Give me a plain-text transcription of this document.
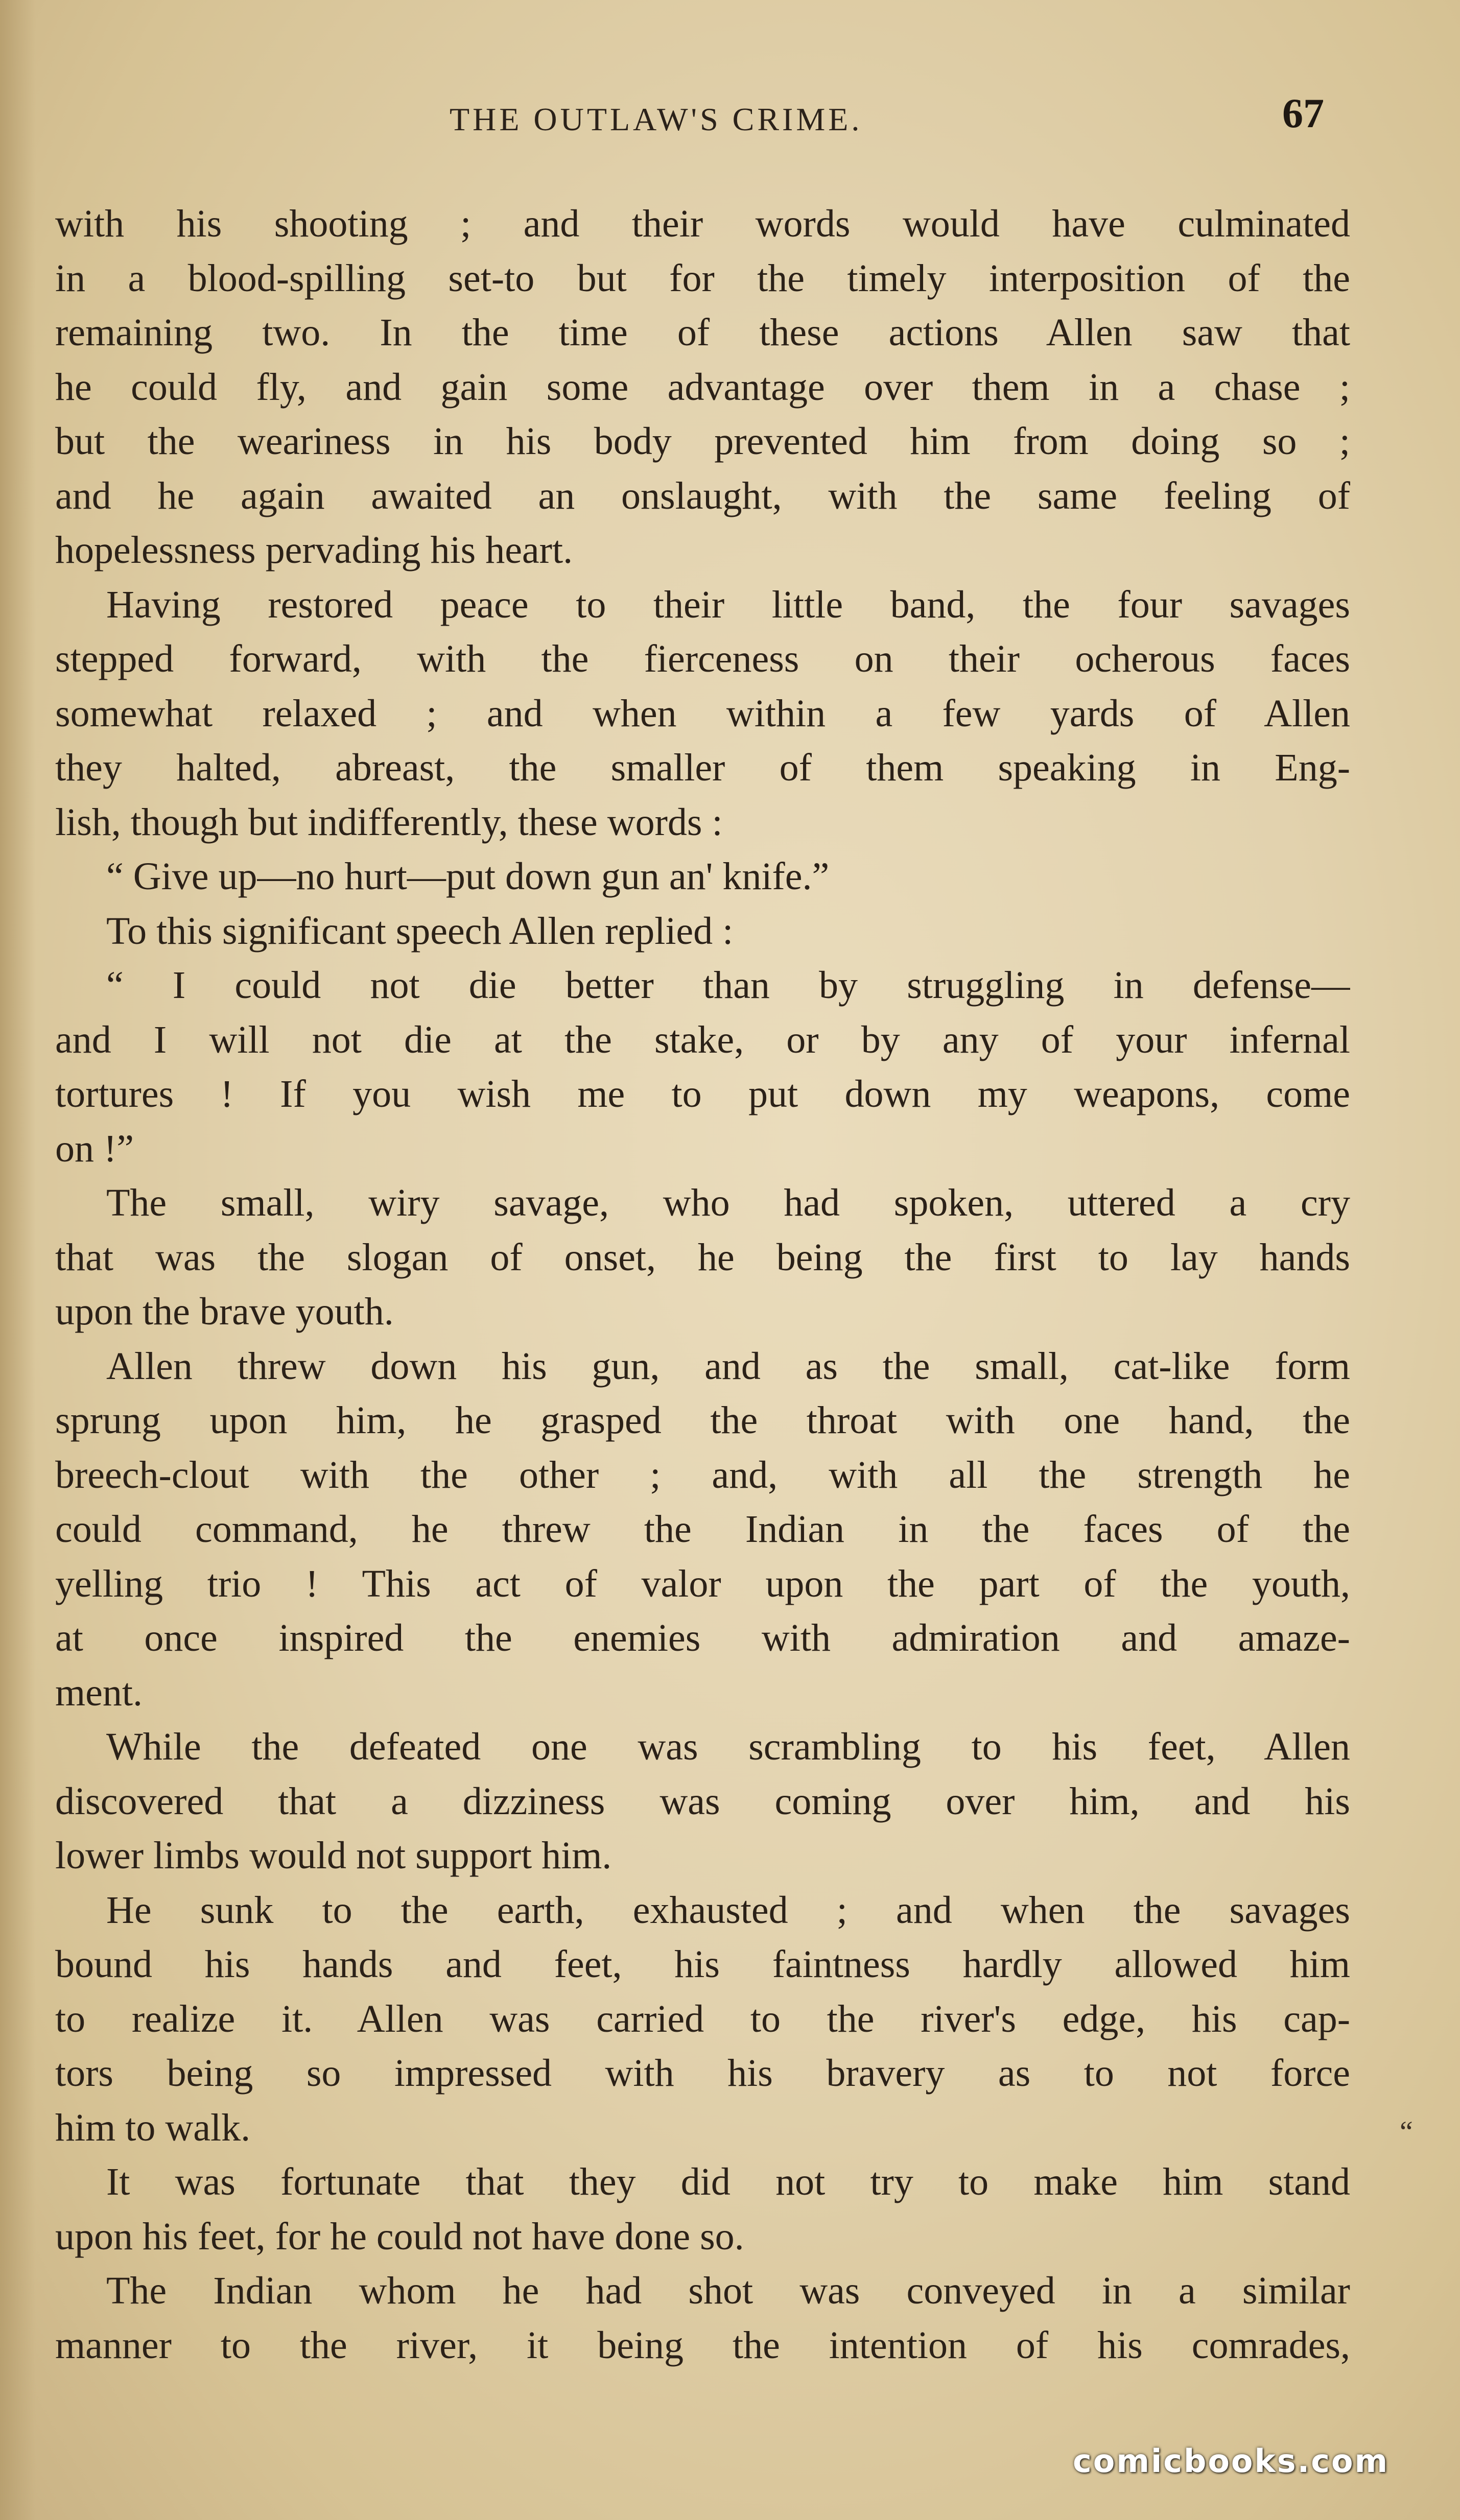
THE OUTLAW'S CRIME.	67
with his shooting ; and their words would have culminated
in a blood-spilling set-to but for the timely interposition of the
remaining two. In the time of these actions Allen saw that
he could fly, and gain some advantage over them in a chase ;
but the weariness in his body prevented him from doing so ;
and he again awaited an onslaught, with the same feeling of
hopelessness pervading his heart.
Having restored peace to their little band, the four savages
stepped forward, with the fierceness on their ocherous faces
somewhat relaxed ; and when within a few yards of Allen
they halted, abreast, the smaller of them speaking in Eng-
lish, though but indifferently, these words :
“ Give up—no hurt—put down gun an' knife.”
To this significant speech Allen replied :
“ I could not die better than by struggling in defense—
and I will not die at the stake, or by any of your infernal
tortures ! If you wish me to put down my weapons, come
on !”
The small, wiry savage, who had spoken, uttered a cry
that was the slogan of onset, he being the first to lay hands
upon the brave youth.
Allen threw down his gun, and as the small, cat-like form
sprung upon him, he grasped the throat with one hand, the
breech-clout with the other ; and, with all the strength he
could command, he threw the Indian in the faces of the
yelling trio ! This act of valor upon the part of the youth,
at once inspired the enemies with admiration and amaze-
ment.
While the defeated one was scrambling to his feet, Allen
discovered that a dizziness was coming over him, and his
lower limbs would not support him.
He sunk to the earth, exhausted ; and when the savages
bound his hands and feet, his faintness hardly allowed him
to realize it. Allen was carried to the river's edge, his cap-
tors being so impressed with his bravery as to not force
him to walk.
It was fortunate that they did not try to make him stand
upon his feet, for he could not have done so.
The Indian whom he had shot was conveyed in a similar
manner to the river, it being the intention of his comrades,
“
comicbooks.com
